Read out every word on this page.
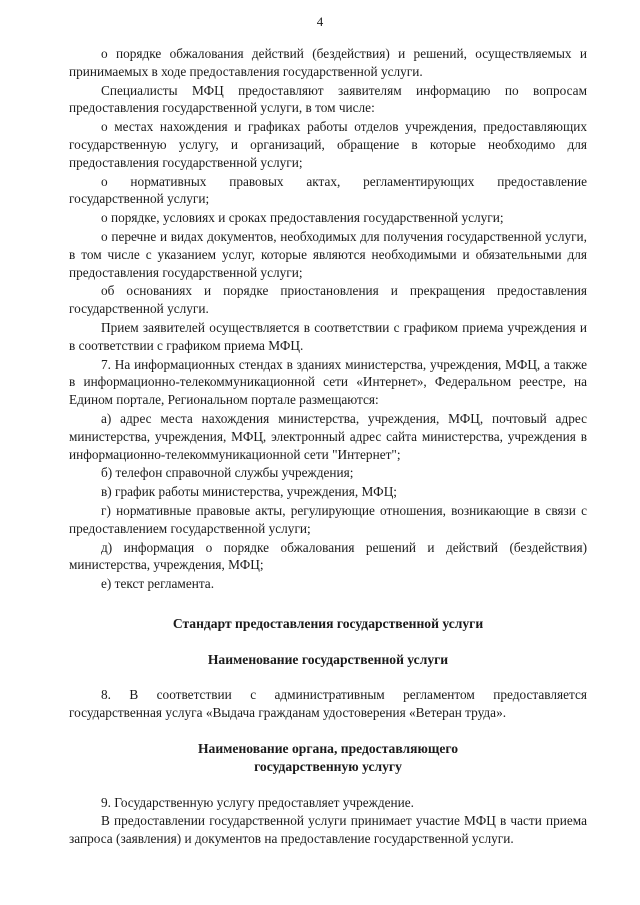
4

о порядке обжалования действий (бездействия) и решений, осуществляемых и принимаемых в ходе предоставления государственной услуги.

Специалисты МФЦ предоставляют заявителям информацию по вопросам предоставления государственной услуги, в том числе:

о местах нахождения и графиках работы отделов учреждения, предоставляющих государственную услугу, и организаций, обращение в которые необходимо для предоставления государственной услуги;

о нормативных правовых актах, регламентирующих предоставление государственной услуги;

о порядке, условиях и сроках предоставления государственной услуги;

о перечне и видах документов, необходимых для получения государственной услуги, в том числе с указанием услуг, которые являются необходимыми и обязательными для предоставления государственной услуги;

об основаниях и порядке приостановления и прекращения предоставления государственной услуги.

Прием заявителей осуществляется в соответствии с графиком приема учреждения и в соответствии с графиком приема МФЦ.

7. На информационных стендах в зданиях министерства, учреждения, МФЦ, а также в информационно-телекоммуникационной сети «Интернет», Федеральном реестре, на Едином портале, Региональном портале размещаются:

а) адрес места нахождения министерства, учреждения, МФЦ, почтовый адрес министерства, учреждения, МФЦ, электронный адрес сайта министерства, учреждения в информационно-телекоммуникационной сети "Интернет";

б) телефон справочной службы учреждения;

в) график работы министерства, учреждения, МФЦ;

г) нормативные правовые акты, регулирующие отношения, возникающие в связи с предоставлением государственной услуги;

д) информация о порядке обжалования решений и действий (бездействия) министерства, учреждения, МФЦ;

е) текст регламента.

Стандарт предоставления государственной услуги
Наименование государственной услуги

8. В соответствии с административным регламентом предоставляется государственная услуга «Выдача гражданам удостоверения «Ветеран труда».

Наименование органа, предоставляющего
государственную услугу

9. Государственную услугу предоставляет учреждение.

В предоставлении государственной услуги принимает участие МФЦ в части приема запроса (заявления) и документов на предоставление государственной услуги.
